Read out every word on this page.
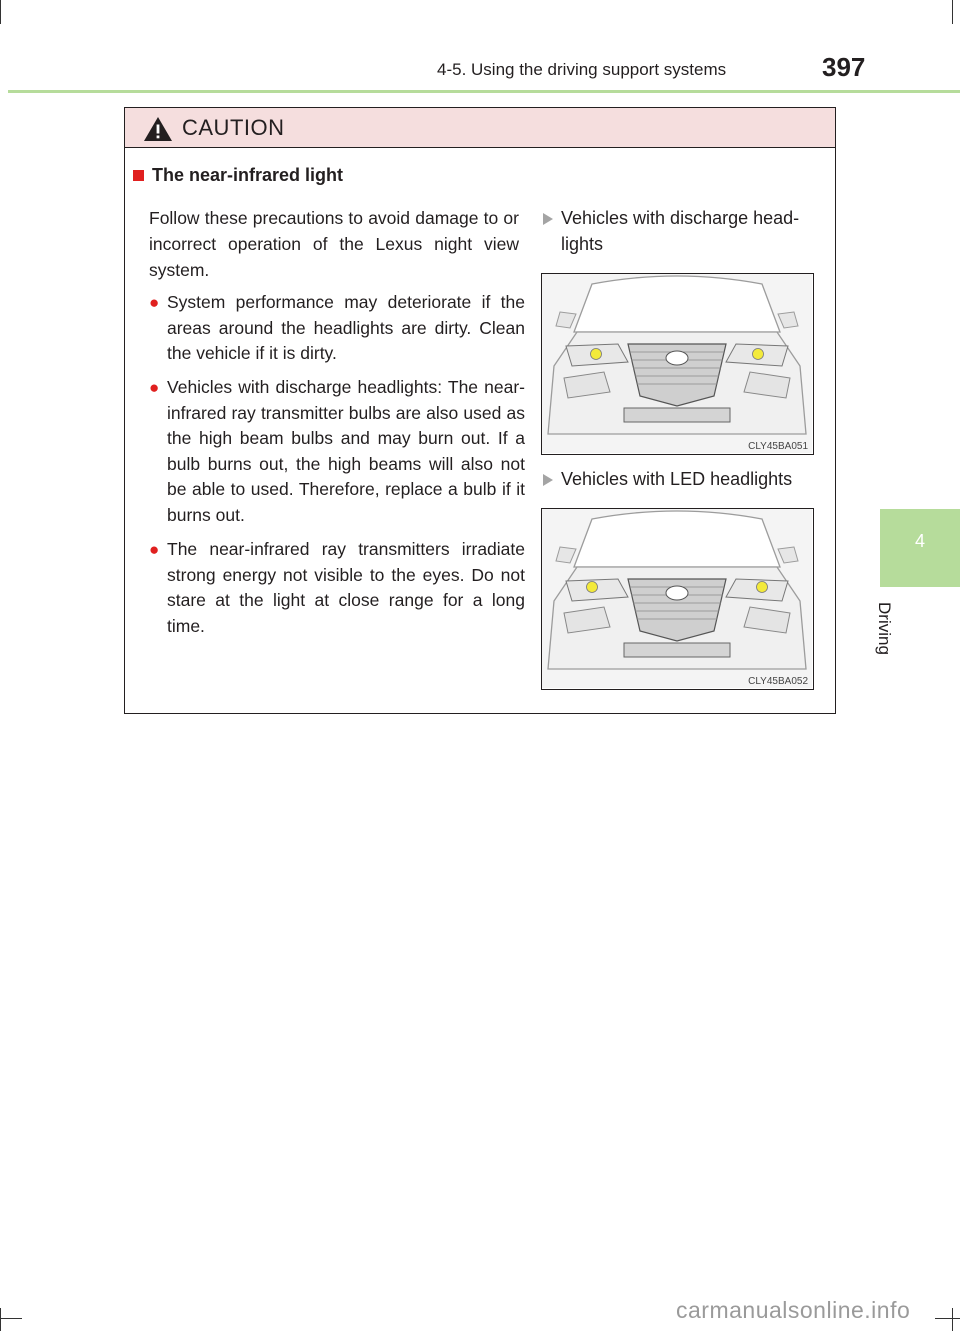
4-5. Using the driving support systems	397
4
Driving
CAUTION
The near-infrared light
Follow these precautions to avoid damage to or incorrect operation of the Lexus night view system.
● System performance may deteriorate if the areas around the headlights are dirty. Clean the vehicle if it is dirty.
● Vehicles with discharge headlights: The near-infrared ray transmitter bulbs are also used as the high beam bulbs and may burn out. If a bulb burns out, the high beams will also not be able to used. Therefore, replace a bulb if it burns out.
● The near-infrared ray transmitters irradiate strong energy not visible to the eyes. Do not stare at the light at close range for a long time.
Vehicles with discharge head-lights
CLY45BA051
Vehicles with LED headlights
CLY45BA052
carmanualsonline.info
